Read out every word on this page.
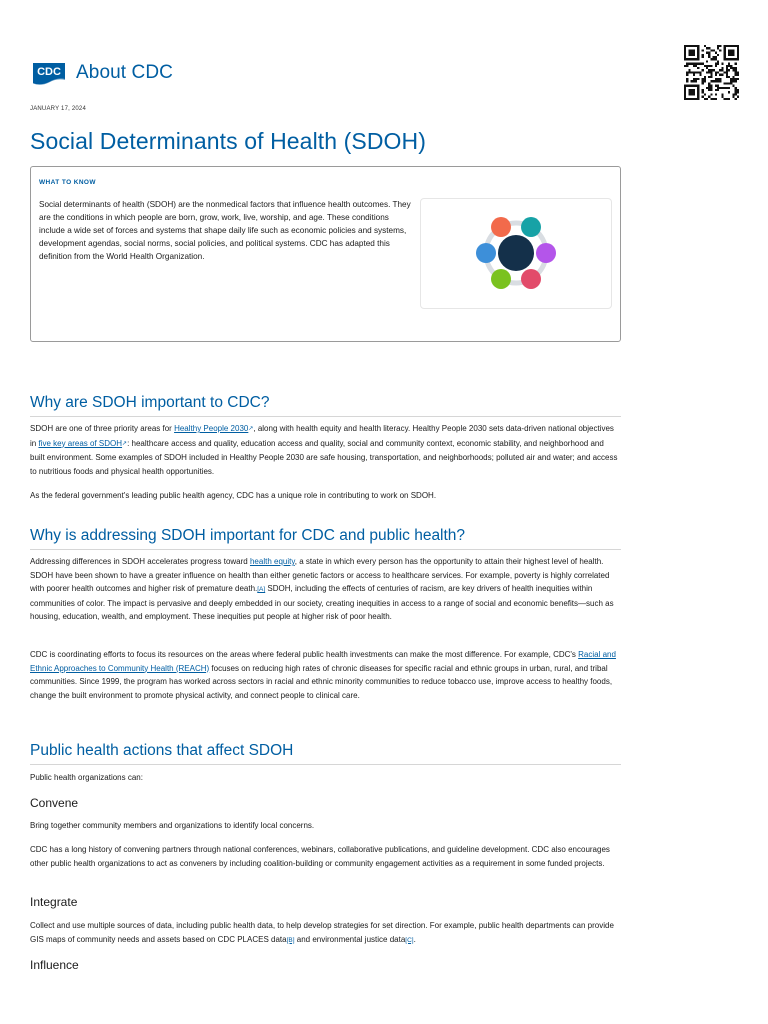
CDC About CDC
JANUARY 17, 2024
Social Determinants of Health (SDOH)
WHAT TO KNOW
Social determinants of health (SDOH) are the nonmedical factors that influence health outcomes. They are the conditions in which people are born, grow, work, live, worship, and age. These conditions include a wide set of forces and systems that shape daily life such as economic policies and systems, development agendas, social norms, social policies, and political systems. CDC has adapted this definition from the World Health Organization.
Why are SDOH important to CDC?
SDOH are one of three priority areas for Healthy People 2030↗, along with health equity and health literacy. Healthy People 2030 sets data-driven national objectives in five key areas of SDOH↗: healthcare access and quality, education access and quality, social and community context, economic stability, and neighborhood and built environment. Some examples of SDOH included in Healthy People 2030 are safe housing, transportation, and neighborhoods; polluted air and water; and access to nutritious foods and physical health opportunities.
As the federal government's leading public health agency, CDC has a unique role in contributing to work on SDOH.
Why is addressing SDOH important for CDC and public health?
Addressing differences in SDOH accelerates progress toward health equity, a state in which every person has the opportunity to attain their highest level of health. SDOH have been shown to have a greater influence on health than either genetic factors or access to healthcare services. For example, poverty is highly correlated with poorer health outcomes and higher risk of premature death.[A] SDOH, including the effects of centuries of racism, are key drivers of health inequities within communities of color. The impact is pervasive and deeply embedded in our society, creating inequities in access to a range of social and economic benefits—such as housing, education, wealth, and employment. These inequities put people at higher risk of poor health.
CDC is coordinating efforts to focus its resources on the areas where federal public health investments can make the most difference. For example, CDC's Racial and Ethnic Approaches to Community Health (REACH) focuses on reducing high rates of chronic diseases for specific racial and ethnic groups in urban, rural, and tribal communities. Since 1999, the program has worked across sectors in racial and ethnic minority communities to reduce tobacco use, improve access to healthy foods, change the built environment to promote physical activity, and connect people to clinical care.
Public health actions that affect SDOH
Public health organizations can:
Convene
Bring together community members and organizations to identify local concerns.
CDC has a long history of convening partners through national conferences, webinars, collaborative publications, and guideline development. CDC also encourages other public health organizations to act as conveners by including coalition-building or community engagement activities as a requirement in some funded projects.
Integrate
Collect and use multiple sources of data, including public health data, to help develop strategies for set direction. For example, public health departments can provide GIS maps of community needs and assets based on CDC PLACES data[B] and environmental justice data[C].
Influence
